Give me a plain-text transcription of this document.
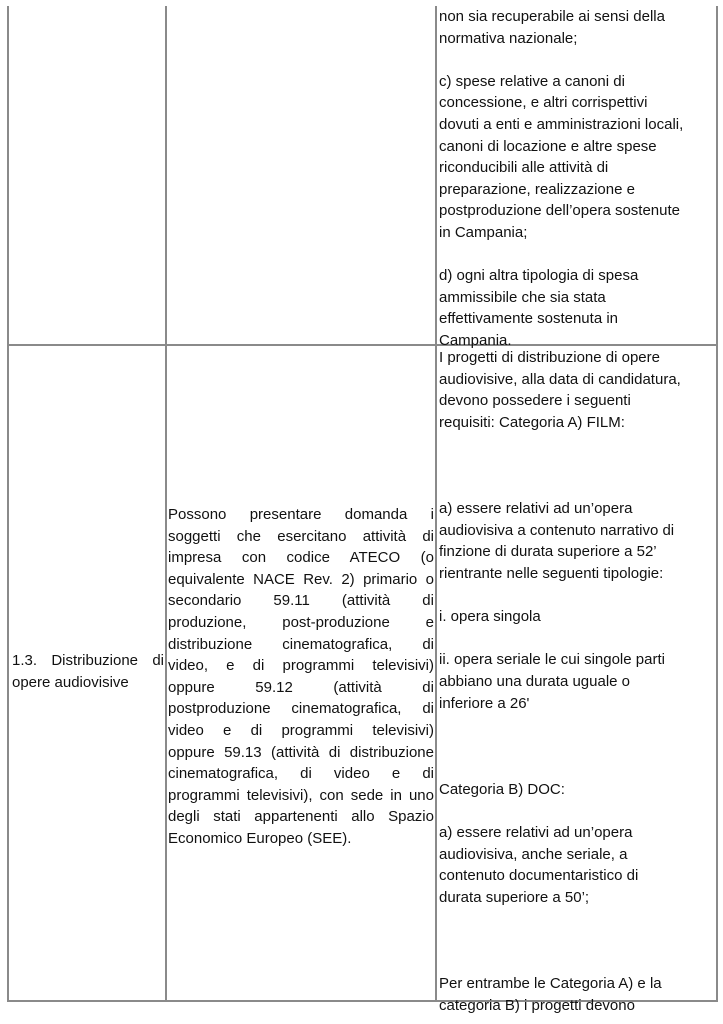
non sia recuperabile ai sensi della

normativa nazionale;

c) spese relative a canoni di

concessione, e altri corrispettivi

dovuti a enti e amministrazioni locali,

canoni di locazione e altre spese

riconducibili alle attività di

preparazione, realizzazione e

postproduzione dell’opera sostenute

in Campania;

d) ogni altra tipologia di spesa

ammissibile che sia stata

effettivamente sostenuta in

Campania.

1.3. Distribuzione di

opere audiovisive

Possono presentare domanda i

soggetti che esercitano attività di

impresa con codice ATECO (o

equivalente NACE Rev. 2) primario o

secondario 59.11 (attività di

produzione, post-produzione e

distribuzione cinematografica, di

video, e di programmi televisivi)

oppure 59.12 (attività di

postproduzione cinematografica, di

video e di programmi televisivi)

oppure 59.13 (attività di distribuzione

cinematografica, di video e di

programmi televisivi), con sede in uno

degli stati appartenenti allo Spazio

Economico Europeo (SEE).

I progetti di distribuzione di opere

audiovisive, alla data di candidatura,

devono possedere i seguenti

requisiti: Categoria A) FILM:

a) essere relativi ad un’opera

audiovisiva a contenuto narrativo di

finzione di durata superiore a 52’

rientrante nelle seguenti tipologie:

i. opera singola

ii. opera seriale le cui singole parti

abbiano una durata uguale o

inferiore a 26'

Categoria B) DOC:

a) essere relativi ad un’opera

audiovisiva, anche seriale, a

contenuto documentaristico di

durata superiore a 50’;

Per entrambe le Categoria A) e la

categoria B) i progetti devono
